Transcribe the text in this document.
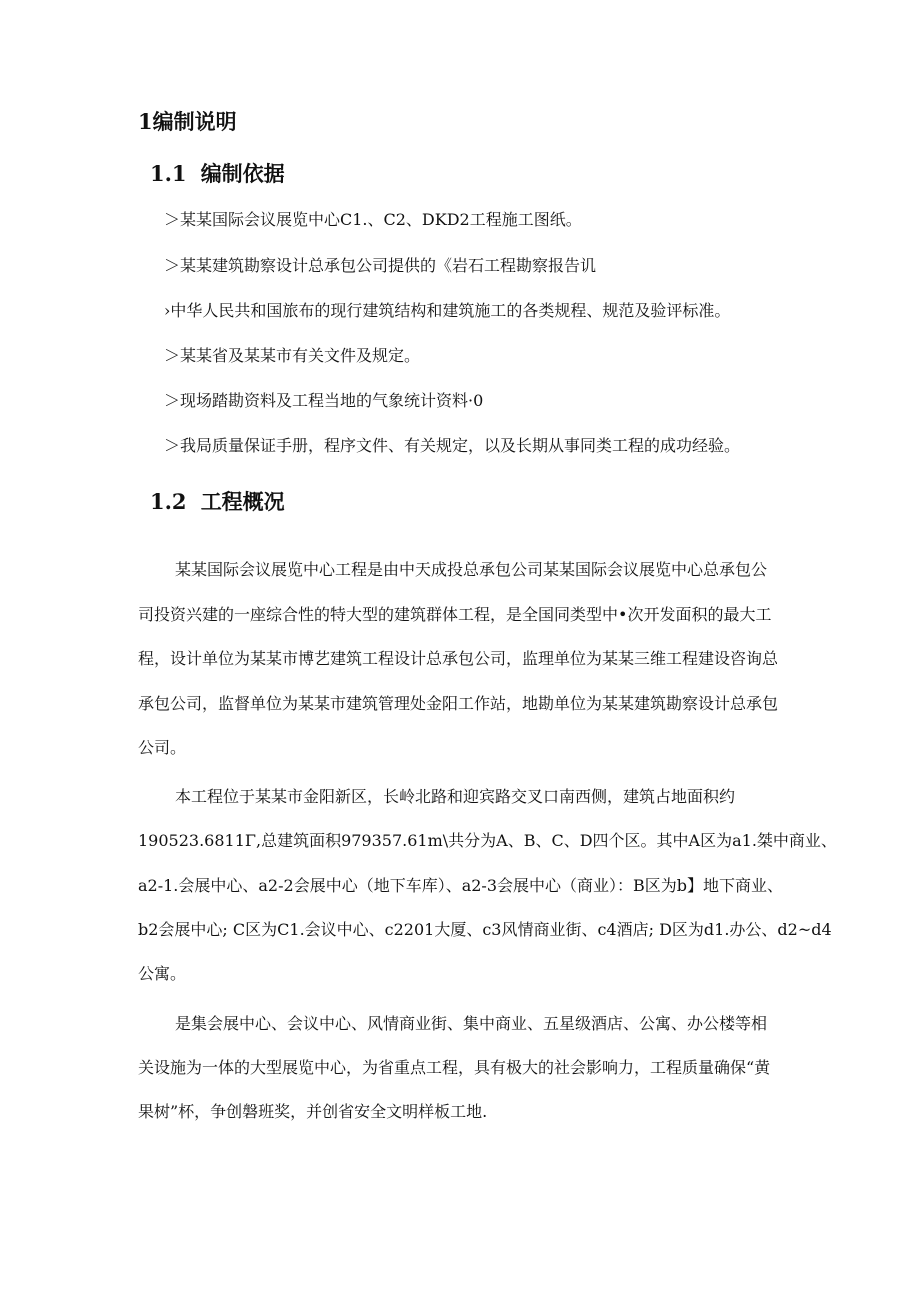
1编制说明
1.1 编制依据
＞某某国际会议展览中心C1.、C2、DKD2工程施工图纸。
＞某某建筑勘察设计总承包公司提供的《岩石工程勘察报告讥
›中华人民共和国旅布的现行建筑结构和建筑施工的各类规程、规范及验评标准。
＞某某省及某某市有关文件及规定。
＞现场踏勘资料及工程当地的气象统计资料·0
＞我局质量保证手册，程序文件、有关规定，以及长期从事同类工程的成功经验。
1.2 工程概况
某某国际会议展览中心工程是由中天成投总承包公司某某国际会议展览中心总承包公
司投资兴建的一座综合性的特大型的建筑群体工程，是全国同类型中•次开发面积的最大工
程，设计单位为某某市博艺建筑工程设计总承包公司，监理单位为某某三维工程建设咨询总
承包公司，监督单位为某某市建筑管理处金阳工作站，地勘单位为某某建筑勘察设计总承包
公司。
本工程位于某某市金阳新区，长岭北路和迎宾路交叉口南西侧，建筑占地面积约
190523.6811Γ,总建筑面积979357.61m\共分为A、B、C、D四个区。其中A区为a1.桀中商业、
a2-1.会展中心、a2-2会展中心（地下车库）、a2-3会展中心（商业）：B区为b】地下商业、
b2会展中心; C区为C1.会议中心、c2201大厦、c3风情商业街、c4酒店; D区为d1.办公、d2~d4
公寓。
是集会展中心、会议中心、风情商业街、集中商业、五星级酒店、公寓、办公楼等相
关设施为一体的大型展览中心，为省重点工程，具有极大的社会影响力，工程质量确保“黄
果树”杯，争创磐班奖，并创省安全文明样板工地.
